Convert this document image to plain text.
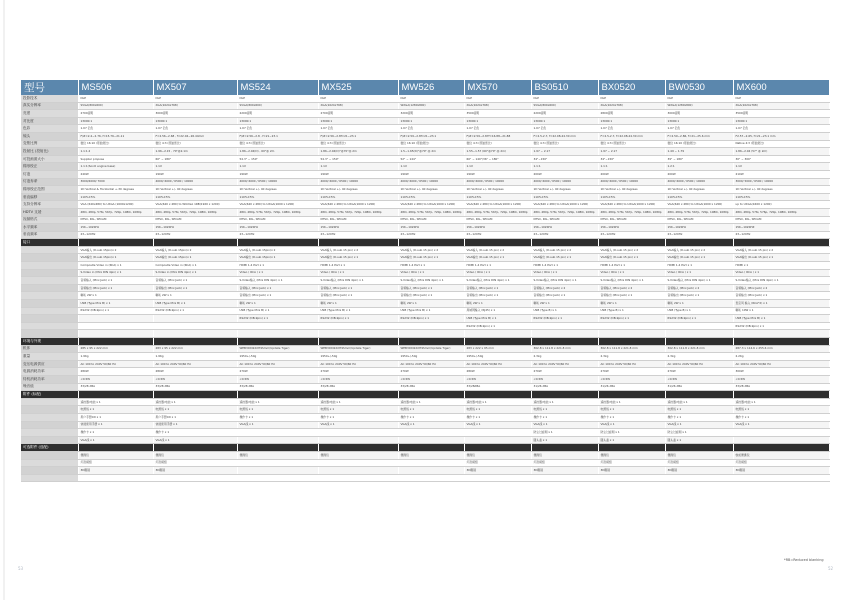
型号	MS506	MX507	MS524	MX525	MW526	MX570	BS0510	BX0520	BW0530	MX600
投影技术	DLP	DLP	DLP	DLP	DLP	DLP	DLP	DLP	DLP	DLP
真实分辨率	SVGA(800x600)	XGA(1024x768)	SVGA(800x600)	XGA(1024x768)	WXGA(1280x800)	XGA(1024x768)	SVGA(800x600)	XGA(1024x768)	WXGA(1280x800)	XGA(1024x768)
亮度	2700流明	3000流明	2200流明	2700流明	3200流明	3500流明	2200流明	2800流明	3000流明	3500流明
对比度	13000:1	13000:1	13000:1	13000:1	13000:1	13000:1	13000:1	13000:1	13000:1	13000:1
色彩	1.07 亿色	1.07 亿色	1.07 亿色	1.07 亿色	1.07 亿色	1.07 亿色	1.07 亿色	1.07 亿色	1.07 亿色	1.07 亿色
镜头	F/#=2.4~2.76, f=15.76~21.11	F=2.56~2.68 , f=22.04~26.44mm	F/#=2.56~2.8 , f=21~23.1	F/#=2.56~2.8f=21~23.1	F/#=2.59~2.8f=21~23.1	F/#=2.59~2.87f=16.88~21.88	F=2.5-2.7, f=22.08-24.30 mm	F=2.5-2.7, f=22.08-24.30 mm	F=2.59~2.86, f=21~25.6 mm	F2.57~2.65, f=21~23.1 mm
变焦比例	数位 16:10 (原始宽比)	数位 4:3 (原始宽比)	数位 4:3 (原始宽比)	数位 4:3 (原始宽比)	数位 16:10 (原始宽比)	数位 4:3 (原始宽比)	数位 4:3 (原始宽比)	数位 4:3 (原始宽比)	数位 16:10 (原始宽比)	Native 4:3 (原始宽比)
投射比 (投射比)	1.1:1.2	1.96~2.15 , 70"@2.1m	1.86~2.04(D) , 60"@ 2m	1.86~2.04(D)"@70"@ 2m	1.5~1.65(D)"@70" @ 2m	1.55~1.57 (60"@70" @ 2m)	1.97 ~ 2.17	1.97 ~ 2.17	1.49 ~ 1.79	1.86~2.04 (57" @ 2m)
可投画面大小	Supplier propose	60" ~ 180"	54.3" ~ 150"	54.3" ~ 150"	52" ~ 144"	60" ~ 140"/36" ~ 180"	34"~150"	34"~150"	39" ~ 180"	30" ~ 300"
梯形校正	1.1:1(SonO engine base)	1.1X	1.1X	1.1X	1.1X	1.1X	1.1:1	1.1:1	1.2:1	1.1X
灯泡	240W	190W	190W	190W	190W	190W	200W	200W	200W	210W
灯泡寿命	3000/4000/ 7000	4000/ 6000 / 6500 / 10000	4000/ 6000 / 6500 / 10000	4000/ 6000 / 6500 / 10000	4000/ 6000 / 6500 / 10000	4000/ 6000 / 6500 / 10000	4000/ 6000 / 6500 / 10000	4000/ 6000 / 6500 / 10000	4000/ 6000 / 6500 / 10000	3000/ 5000 / 6500 / 10000
梯形校正范围	1D Vertical & Horizontal +-30 degrees	1D Vertical +/- 40 degrees	1D Vertical +/- 40 degrees	1D Vertical +/- 40 degrees	1D Vertical +/- 40 degrees	1D Vertical +/- 40 degrees	1D Vertical +/- 40 degrees	1D Vertical +/- 40 degrees	1D Vertical +/- 40 degrees	1D Vertical +/- 40 degrees
垂直偏移	110%±5%	110%±5%	110%±5%	110%±5%	110%±5%	110%±5%	110%±5%	110%±5%	110%±5%	110%±5%
支持分辨率	VGA (640x480) to UXGA (1600x1200)	VGA(640 x 480) to WUXGA 1RB(1920 x 1200)	VGA(640 x 480) to UXGA(1600 x 1200)	VGA(640 x 480) to UXGA(1600 x 1200)	VGA(640 x 480) to UXGA(1600 x 1200)	VGA(640 x 480) to UXGA(1600 x 1200)	VGA(640 x 480) to UXGA(1600 x 1200)	VGA(640 x 480) to UXGA(1600 x 1200)	VGA(640 x 480) to UXGA(1600 x 1200)	up to UXGA(1600 x 1200)
HDTV 支援	480i, 480p, 576i, 567p, 720p, 1080i, 1080p	480i, 480p, 576i, 567p, 720p, 1080i, 1080p	480i, 480p, 576i, 567p, 720p, 1080i, 1080p	480i, 480p, 576i, 567p, 720p, 1080i, 1080p	480i, 480p, 576i, 567p, 720p, 1080i, 1080p	480i, 480p, 576i, 567p, 720p, 1080i, 1080p	480i, 480p, 576i, 567p, 720p, 1080i, 1080p	480i, 480p, 576i, 567p, 720p, 1080i, 1080p	480i, 480p, 576i, 567p, 720p, 1080i, 1080p	480i, 480p, 576i, 576p, 720p, 1080i, 1080p
视频格式	NTSC, PAL, SECAM	NTSC, PAL, SECAM	NTSC, PAL, SECAM	NTSC, PAL, SECAM	NTSC, PAL, SECAM	NTSC, PAL, SECAM	NTSC, PAL, SECAM	NTSC, PAL, SECAM	NTSC, PAL, SECAM	NTSC, PAL, SECAM
水平频率	15K~102KHz	15K~102KHz	15K~102KHz	15K~102KHz	15K~102KHz	15K~102KHz	15K~102KHz	15K~102KHz	15K~102KHz	15K~102KHZ
垂直频率	23~120Hz	23~120Hz	23~120Hz	23~120Hz	23~120Hz	23~120Hz	23~120Hz	23~120Hz	23~120Hz	23~120Hz
接口										
	VGA输入 (D-sub 15pin)x 2	VGA输入 (D-sub 15pin)x 2	VGA输入 (D-sub 15pin)x 2	VGA输入 (D-sub 15 pin) x 2	VGA输入 (D-sub 15 pin) x 2	VGA输入 (D-sub 15 pin) x 2	VGA输入 (D-sub 15 pin) x 2	VGA输入 (D-sub 15 pin) x 2	VGA输入 (D-sub 15 pin) x 2	VGA输入 (D-sub 15 pin) x 2
	VGA输出 (D-sub 15pin)x 1	VGA输出 (D-sub 15pin)x 1	VGA输出 (D-sub 15pin)x 1	VGA输出 (D-sub 15 pin) x 1	VGA输出 (D-sub 15 pin) x 1	VGA输出 (D-sub 15 pin) x 1	VGA输出 (D-sub 15 pin) x 1	VGA输出 (D-sub 15 pin) x 1	VGA输出 (D-sub 15 pin) x 1	VGA输出 (D-sub 15 pin) x 1
	Composite Video in (RCA) x 1	Composite Video in (RCA) x 1	HDMI 1.4 Port x 1	HDMI 1.4 Port x 1	HDMI 1.4 Port x 1	HDMI 1.4 Port x 1	HDMI 1.4 Port x 1	HDMI 1.4 Port x 1	HDMI 1.4 Port x 1	HDMI x 1
	S-Video in (Mini DIN 4pin) x 1	S-Video in (Mini DIN 4pin) x 1	Video ( RCA ) x 1	Video ( RCA ) x 1	Video ( RCA ) x 1	Video ( RCA ) x 1	Video ( RCA ) x 1	Video ( RCA ) x 1	Video ( RCA ) x 1	Video ( RCA ) x 1
	音频输入 (Mini Jack) x 1	音频输入 (Mini Jack) x 1	S-Video输入 (Mini DIN 4pin) x 1	S-Video输入 (Mini DIN 4pin) x 1	S-Video输入 (Mini DIN 4pin) x 1	S-Video输入 (Mini DIN 4pin) x 1	S-Video输入 (Mini DIN 4pin) x 1	S-Video输入 (Mini DIN 4pin) x 1	S-Video输入 (Mini DIN 4pin) x 1	S-Video输入 (Mini DIN 4pin) x 1
	音频输出 (Mini Jack) x 1	音频输出 (Mini Jack) x 1	音频输入 (Mini Jack) x 1	音频输入 (Mini Jack) x 1	音频输入 (Mini Jack) x 1	音频输入 (Mini Jack) x 1	音频输入 (Mini Jack) x 2	音频输入 (Mini Jack) x 2	音频输入 (Mini Jack) x 2	音频输入 (Mini Jack) x 2
	喇叭 2W x 1	喇叭 2W x 1	音频输出 (Mini Jack) x 1	音频输出 (Mini Jack) x 1	音频输出 (Mini Jack) x 1	音频输出 (Mini Jack) x 1	音频输出 (Mini Jack) x 1	音频输出 (Mini Jack) x 1	音频输出 (Mini Jack) x 1	音频输出 (Mini Jack) x 1
	USB (Type Mini B) x 1	USB (Type Mini B) x 1	喇叭 2W x 1	喇叭 2W x 1	喇叭 2W x 1	喇叭 2W x 1	喇叭 2W x 1	喇叭 2W x 1	喇叭 2W x 1	麦克风 输入 (RCA*2) x 1
	RS232 (DB-9pin) x 1	RS232 (DB-9pin) x 1	USB (Type Mini B) x 1	USB (Type Mini B) x 1	USB (Type Mini B) x 1	局域网输入 (RJ45) x 1	USB (Type B) x 1	USB (Type B) x 1	USB (Type B) x 1	喇叭 10W x 1
			RS232 (DB-9pin) x 1	RS232 (DB-9pin) x 1	RS232 (DB-9pin) x 1	USB (Type Mini B) x 1	RS232 (DB-9pin) x 1	RS232 (DB-9pin) x 1	RS232 (DB-9pin) x 1	USB (Type Mini B) x 1
						RS232 (DB-9pin) x 1				RS232 (DB-9pin) x 1

环境与外观										
机体	285 x 95 x 222 mm	283 x 95 x 222 mm	WEB3XDI22XH9Smm(Update Tiger)	WEB3XDI22XH9Smm(Update Tiger)	WEB3XDI22XH9Smm(Update Tiger)	283 x 222 x 95 mm	302.8 x 111.8 x 221.8 mm	302.8 x 111.8 x 221.8 mm	302.8 x 111.8 x 221.8 mm	287.3 x 114.6 x 255.6 mm
重量	1.9Kg	1.9Kg	1950+/-50g	1950+/-50g	1950+/-50g	1950+/-50g	2.3kg	2.3kg	2.3kg	2.2Kg
变压电源供应	AC 100 to 240V 50/60 Hz	AC 100 to 240V 50/60 Hz	AC 100 to 240V 50/60 Hz	AC 100 to 240V 50/60 Hz	AC 100 to 240V 50/60 Hz	AC 100 to 240V 50/60 Hz	AC 100 to 240V 50/60 Hz	AC 100 to 240V 50/60 Hz	AC 100 to 240V 50/60 Hz	AC 100 to 240V 50/60 Hz
电源消耗功率	280W	280W	270W	270W	270W	280W	270W	270W	270W	300W
待机消耗功率	<0.5W	<0.5W	<0.5W	<0.5W	<0.5W	<0.5W	<0.5W	<0.5W	<0.5W	<0.5W
噪音值	33/28 dBA	33/28 dBA	33/28 dBA	33/28 dBA	33/28 dBA	33/28dBA	31/26 dBA	31/26 dBA	31/26 dBA	33/28 dBA
附件 (标配)										
	遥控器/电池 x 1	遥控器/电池 x 1	遥控器/电池 x 1	遥控器/电池 x 1	遥控器/电池 x 1	遥控器/电池 x 1	遥控器/电池 x 1	遥控器/电池 x 1	遥控器/电池 x 1	遥控器/电池 x 1
	电源线 x 1	电源线 x 1	电源线 x 1	电源线 x 1	电源线 x 1	电源线 x 1	电源线 x 1	电源线 x 1	电源线 x 1	电源线 x 1
	用户手册CD x 1	用户手册CD x 1	操作卡 x 1	操作卡 x 1	操作卡 x 1	操作卡 x 1	操作卡 x 1	操作卡 x 1	操作卡 x 1	操作卡 x 1
	快速使用手册 x 1	快速使用手册 x 1	VGA线 x 1	VGA线 x 1	VGA线 x 1	VGA线 x 1	VGA线 x 1	VGA线 x 1	VGA线 x 1	VGA线 x 1
	操作卡 x 1	操作卡 x 1					防尘过滤网 x 1	防尘过滤网 x 1	防尘过滤网 x 1	
	VGA线 x 1	VGA线 x 1					随头盖 x 1	随头盖 x 1	随头盖 x 1	
可选附件 (选配)										
	便携包	便携包	便携包	便携包	便携包	便携包	便携包	便携包	便携包	软质便携包
	灯泡模组	灯泡模组				灯泡模组	灯泡模组	灯泡模组	灯泡模组	灯泡模组
	3D眼镜	3D眼镜				3D眼镜	3D眼镜	3D眼镜	3D眼镜	3D眼镜

*RB=Reduced blanking
53	52
